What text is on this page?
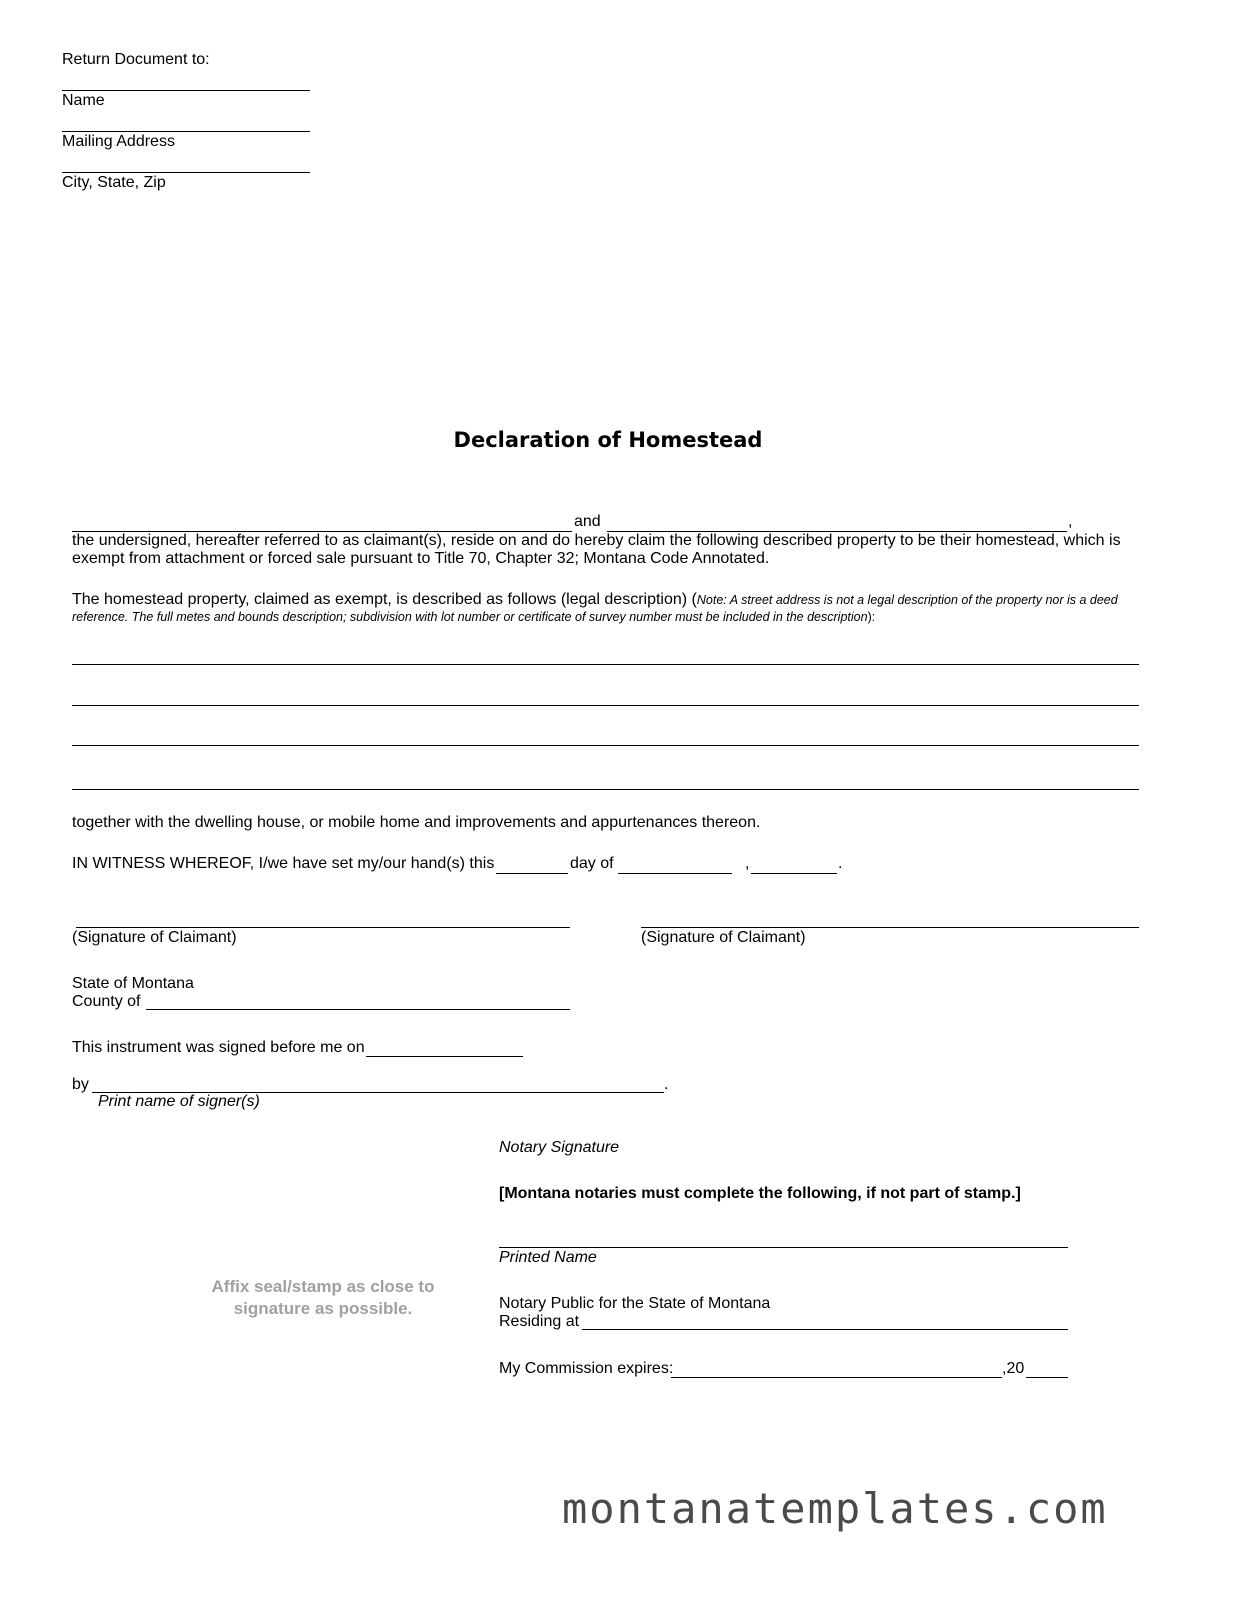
Return Document to:
Name
Mailing Address
City, State, Zip
Declaration of Homestead
and	,
the undersigned, hereafter referred to as claimant(s), reside on and do hereby claim the following described property to be their homestead, which is
exempt from attachment or forced sale pursuant to Title 70, Chapter 32; Montana Code Annotated.
The homestead property, claimed as exempt, is described as follows (legal description) (Note: A street address is not a legal description of the property nor is a deed
reference. The full metes and bounds description; subdivision with lot number or certificate of survey number must be included in the description):
together with the dwelling house, or mobile home and improvements and appurtenances thereon.
IN WITNESS WHEREOF, I/we have set my/our hand(s) this	day of	,	.
(Signature of Claimant)	(Signature of Claimant)
State of Montana
County of
This instrument was signed before me on
by	.
Print name of signer(s)
Notary Signature
[Montana notaries must complete the following, if not part of stamp.]
Printed Name
Affix seal/stamp as close to
signature as possible.	Notary Public for the State of Montana
Residing at
My Commission expires:	,20
montanatemplates.com
